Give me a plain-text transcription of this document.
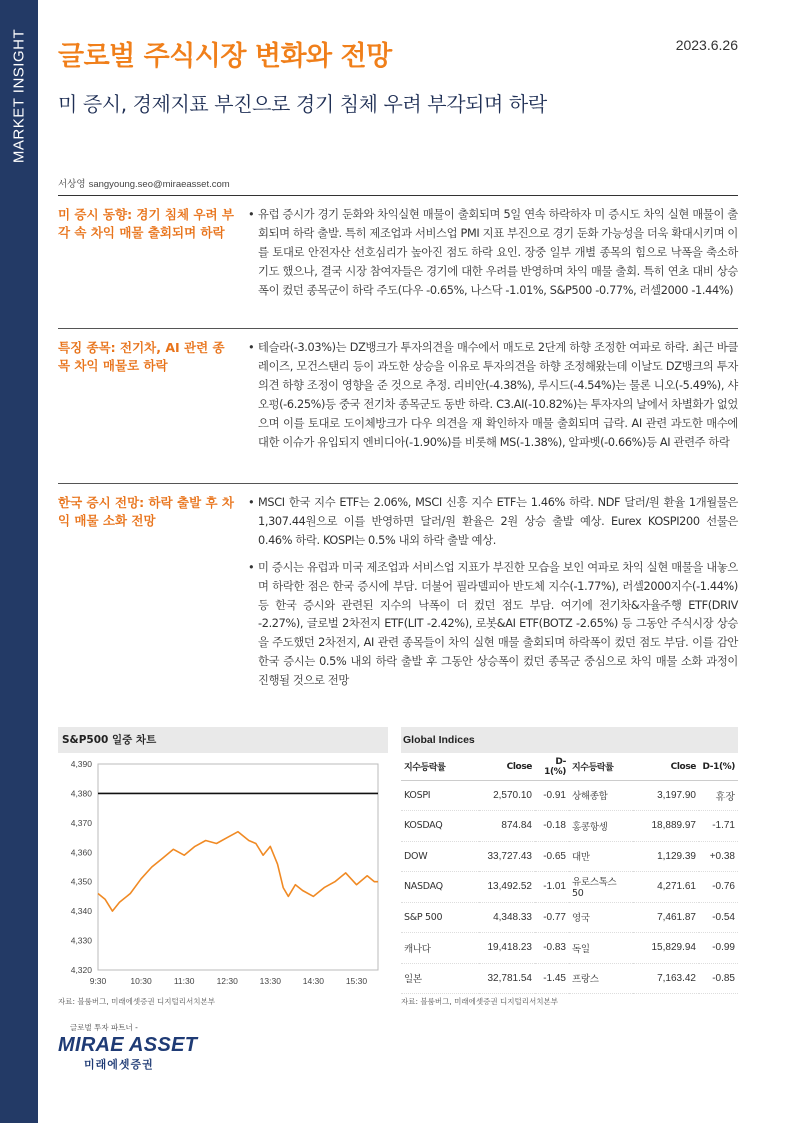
MARKET INSIGHT	2023.6.26
글로벌 주식시장 변화와 전망
미 증시, 경제지표 부진으로 경기 침체 우려 부각되며 하락
서상영 sangyoung.seo@miraeasset.com
미 증시 동향: 경기 침체 우려 부각 속 차익 매물 출회되며 하락
• 유럽 증시가 경기 둔화와 차익실현 매물이 출회되며 5일 연속 하락하자 미 증시도 차익 실현 매물이 출회되며 하락 출발. 특히 제조업과 서비스업 PMI 지표 부진으로 경기 둔화 가능성을 더욱 확대시키며 이를 토대로 안전자산 선호심리가 높아진 점도 하락 요인. 장중 일부 개별 종목의 힘으로 낙폭을 축소하기도 했으나, 결국 시장 참여자들은 경기에 대한 우려를 반영하며 차익 매물 출회. 특히 연초 대비 상승폭이 컸던 종목군이 하락 주도(다우 -0.65%, 나스닥 -1.01%, S&P500 -0.77%, 러셀2000 -1.44%)
특징 종목: 전기차, AI 관련 종목 차익 매물로 하락
• 테슬라(-3.03%)는 DZ뱅크가 투자의견을 매수에서 매도로 2단계 하향 조정한 여파로 하락. 최근 바클레이즈, 모건스탠리 등이 과도한 상승을 이유로 투자의견을 하향 조정해왔는데 이날도 DZ뱅크의 투자의견 하향 조정이 영향을 준 것으로 추정. 리비안(-4.38%), 루시드(-4.54%)는 물론 니오(-5.49%), 샤오펑(-6.25%)등 중국 전기차 종목군도 동반 하락. C3.AI(-10.82%)는 투자자의 날에서 차별화가 없었으며 이를 토대로 도이체방크가 다우 의견을 재 확인하자 매물 출회되며 급락. AI 관련 과도한 매수에 대한 이슈가 유입되지 엔비디아(-1.90%)를 비롯해 MS(-1.38%), 알파벳(-0.66%)등 AI 관련주 하락
한국 증시 전망: 하락 출발 후 차익 매물 소화 전망
• MSCI 한국 지수 ETF는 2.06%, MSCI 신흥 지수 ETF는 1.46% 하락. NDF 달러/원 환율 1개월물은 1,307.44원으로 이를 반영하면 달러/원 환율은 2원 상승 출발 예상. Eurex KOSPI200 선물은 0.46% 하락. KOSPI는 0.5% 내외 하락 출발 예상.
• 미 증시는 유럽과 미국 제조업과 서비스업 지표가 부진한 모습을 보인 여파로 차익 실현 매물을 내놓으며 하락한 점은 한국 증시에 부담. 더불어 필라델피아 반도체 지수(-1.77%), 러셀2000지수(-1.44%)등 한국 증시와 관련된 지수의 낙폭이 더 컸던 점도 부담. 여기에 전기차&자율주행 ETF(DRIV -2.27%), 글로벌 2차전지 ETF(LIT -2.42%), 로봇&AI ETF(BOTZ -2.65%) 등 그동안 주식시장 상승을 주도했던 2차전지, AI 관련 종목들이 차익 실현 매물 출회되며 하락폭이 컸던 점도 부담. 이를 감안 한국 증시는 0.5% 내외 하락 출발 후 그동안 상승폭이 컸던 종목군 중심으로 차익 매물 소화 과정이 진행될 것으로 전망
S&P500 일중 차트
4,320
4,330
4,340
4,350
4,360
4,370
4,380
4,390
9:30	10:30	11:30	12:30	13:30	14:30	15:30
자료: 블룸버그, 미래에셋증권 디지털리서치본부
Global Indices
지수등락률	Close	D-1(%)	지수등락률	Close	D-1(%)
KOSPI	2,570.10	-0.91	상해종합	3,197.90	휴장
KOSDAQ	874.84	-0.18	홍콩항셍	18,889.97	-1.71
DOW	33,727.43	-0.65	대만	1,129.39	+0.38
NASDAQ	13,492.52	-1.01	유로스톡스 50	4,271.61	-0.76
S&P 500	4,348.33	-0.77	영국	7,461.87	-0.54
캐나다	19,418.23	-0.83	독일	15,829.94	-0.99
일본	32,781.54	-1.45	프랑스	7,163.42	-0.85
자료: 블룸버그, 미래에셋증권 디지털리서치본부
글로벌 투자 파트너 -
MIRAE ASSET
미래에셋증권
